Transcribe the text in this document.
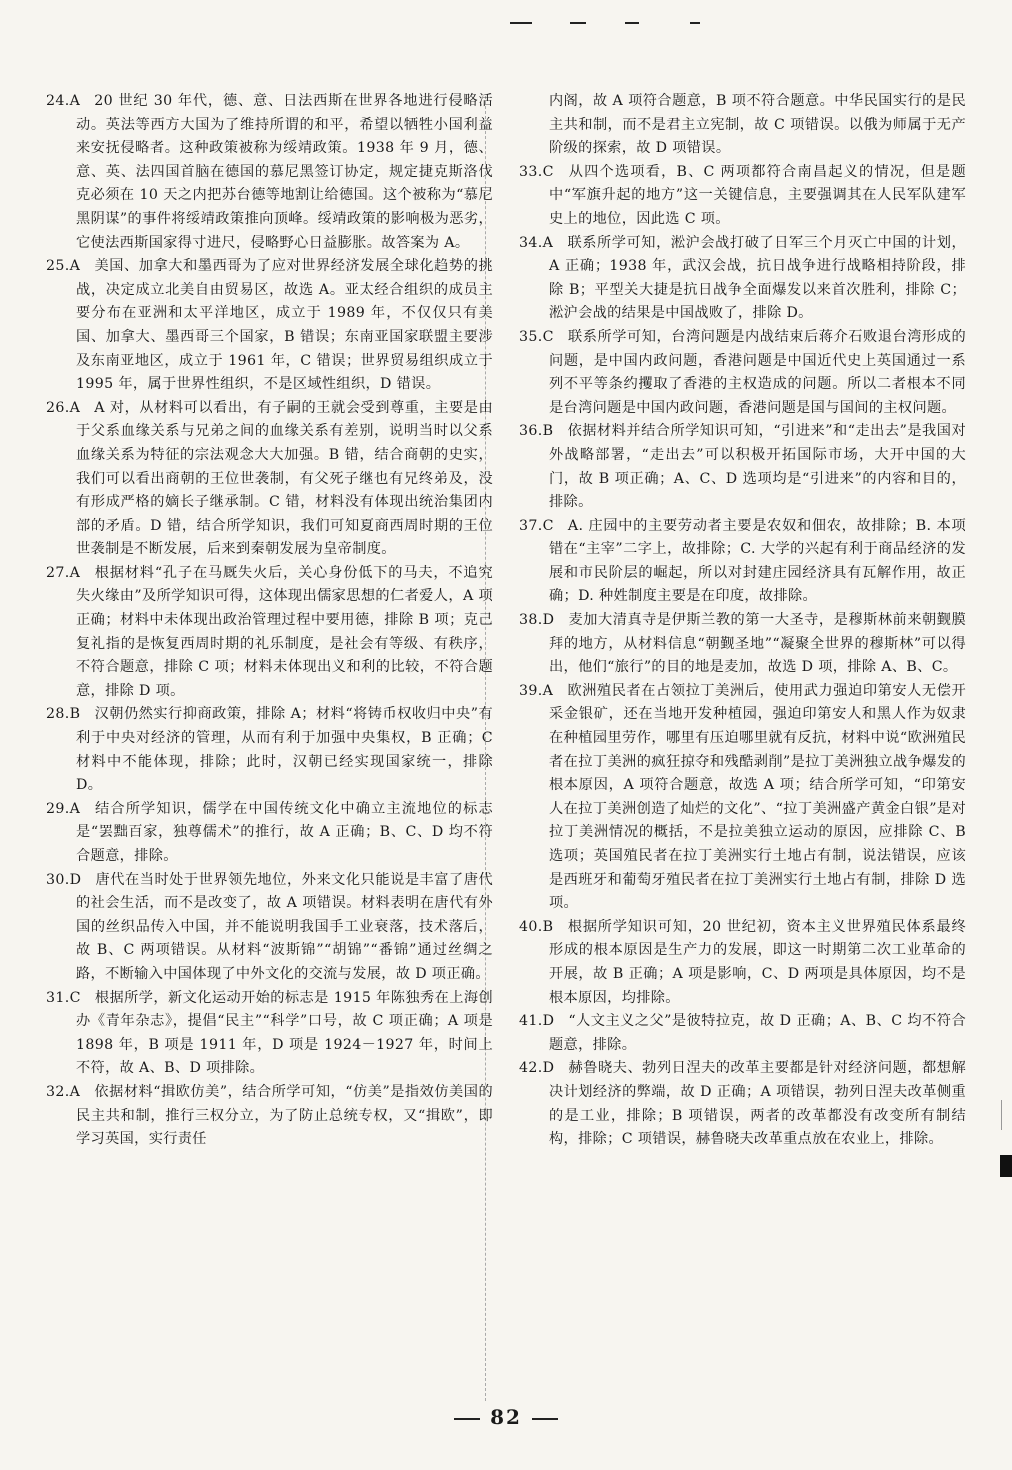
24.A 20 世纪 30 年代，德、意、日法西斯在世界各地进行侵略活动。英法等西方大国为了维持所谓的和平，希望以牺牲小国利益来安抚侵略者。这种政策被称为绥靖政策。1938 年 9 月，德、意、英、法四国首脑在德国的慕尼黑签订协定，规定捷克斯洛伐克必须在 10 天之内把苏台德等地割让给德国。这个被称为“慕尼黑阴谋”的事件将绥靖政策推向顶峰。绥靖政策的影响极为恶劣，它使法西斯国家得寸进尺，侵略野心日益膨胀。故答案为 A。

25.A 美国、加拿大和墨西哥为了应对世界经济发展全球化趋势的挑战，决定成立北美自由贸易区，故选 A。亚太经合组织的成员主要分布在亚洲和太平洋地区，成立于 1989 年，不仅仅只有美国、加拿大、墨西哥三个国家，B 错误；东南亚国家联盟主要涉及东南亚地区，成立于 1961 年，C 错误；世界贸易组织成立于 1995 年，属于世界性组织，不是区域性组织，D 错误。

26.A A 对，从材料可以看出，有子嗣的王就会受到尊重，主要是由于父系血缘关系与兄弟之间的血缘关系有差别，说明当时以父系血缘关系为特征的宗法观念大大加强。B 错，结合商朝的史实，我们可以看出商朝的王位世袭制，有父死子继也有兄终弟及，没有形成严格的嫡长子继承制。C 错，材料没有体现出统治集团内部的矛盾。D 错，结合所学知识，我们可知夏商西周时期的王位世袭制是不断发展，后来到秦朝发展为皇帝制度。

27.A 根据材料“孔子在马厩失火后，关心身份低下的马夫，不追究失火缘由”及所学知识可得，这体现出儒家思想的仁者爱人，A 项正确；材料中未体现出政治管理过程中要用德，排除 B 项；克己复礼指的是恢复西周时期的礼乐制度，是社会有等级、有秩序，不符合题意，排除 C 项；材料未体现出义和利的比较，不符合题意，排除 D 项。

28.B 汉朝仍然实行抑商政策，排除 A；材料“将铸币权收归中央”有利于中央对经济的管理，从而有利于加强中央集权，B 正确；C 材料中不能体现，排除；此时，汉朝已经实现国家统一，排除 D。

29.A 结合所学知识，儒学在中国传统文化中确立主流地位的标志是“罢黜百家，独尊儒术”的推行，故 A 正确；B、C、D 均不符合题意，排除。

30.D 唐代在当时处于世界领先地位，外来文化只能说是丰富了唐代的社会生活，而不是改变了，故 A 项错误。材料表明在唐代有外国的丝织品传入中国，并不能说明我国手工业衰落，技术落后，故 B、C 两项错误。从材料“波斯锦”“胡锦”“番锦”通过丝绸之路，不断输入中国体现了中外文化的交流与发展，故 D 项正确。

31.C 根据所学，新文化运动开始的标志是 1915 年陈独秀在上海创办《青年杂志》，提倡“民主”“科学”口号，故 C 项正确；A 项是 1898 年，B 项是 1911 年，D 项是 1924－1927 年，时间上不符，故 A、B、D 项排除。

32.A 依据材料“揖欧仿美”，结合所学可知，“仿美”是指效仿美国的民主共和制，推行三权分立，为了防止总统专权，又“揖欧”，即学习英国，实行责任

内阁，故 A 项符合题意，B 项不符合题意。中华民国实行的是民主共和制，而不是君主立宪制，故 C 项错误。以俄为师属于无产阶级的探索，故 D 项错误。

33.C 从四个选项看，B、C 两项都符合南昌起义的情况，但是题中“军旗升起的地方”这一关键信息，主要强调其在人民军队建军史上的地位，因此选 C 项。

34.A 联系所学可知，淞沪会战打破了日军三个月灭亡中国的计划，A 正确；1938 年，武汉会战，抗日战争进行战略相持阶段，排除 B；平型关大捷是抗日战争全面爆发以来首次胜利，排除 C；淞沪会战的结果是中国战败了，排除 D。

35.C 联系所学可知，台湾问题是内战结束后蒋介石败退台湾形成的问题，是中国内政问题，香港问题是中国近代史上英国通过一系列不平等条约攫取了香港的主权造成的问题。所以二者根本不同是台湾问题是中国内政问题，香港问题是国与国间的主权问题。

36.B 依据材料并结合所学知识可知，“引进来”和“走出去”是我国对外战略部署，“走出去”可以积极开拓国际市场，大开中国的大门，故 B 项正确；A、C、D 选项均是“引进来”的内容和目的，排除。

37.C A. 庄园中的主要劳动者主要是农奴和佃农，故排除；B. 本项错在“主宰”二字上，故排除；C. 大学的兴起有利于商品经济的发展和市民阶层的崛起，所以对封建庄园经济具有瓦解作用，故正确；D. 种姓制度主要是在印度，故排除。

38.D 麦加大清真寺是伊斯兰教的第一大圣寺，是穆斯林前来朝觐膜拜的地方，从材料信息“朝觐圣地”“凝聚全世界的穆斯林”可以得出，他们“旅行”的目的地是麦加，故选 D 项，排除 A、B、C。

39.A 欧洲殖民者在占领拉丁美洲后，使用武力强迫印第安人无偿开采金银矿，还在当地开发种植园，强迫印第安人和黑人作为奴隶在种植园里劳作，哪里有压迫哪里就有反抗，材料中说“欧洲殖民者在拉丁美洲的疯狂掠夺和残酷剥削”是拉丁美洲独立战争爆发的根本原因，A 项符合题意，故选 A 项；结合所学可知，“印第安人在拉丁美洲创造了灿烂的文化”、“拉丁美洲盛产黄金白银”是对拉丁美洲情况的概括，不是拉美独立运动的原因，应排除 C、B 选项；英国殖民者在拉丁美洲实行土地占有制，说法错误，应该是西班牙和葡萄牙殖民者在拉丁美洲实行土地占有制，排除 D 选项。

40.B 根据所学知识可知，20 世纪初，资本主义世界殖民体系最终形成的根本原因是生产力的发展，即这一时期第二次工业革命的开展，故 B 正确；A 项是影响，C、D 两项是具体原因，均不是根本原因，均排除。

41.D “人文主义之父”是彼特拉克，故 D 正确；A、B、C 均不符合题意，排除。

42.D 赫鲁晓夫、勃列日涅夫的改革主要都是针对经济问题，都想解决计划经济的弊端，故 D 正确；A 项错误，勃列日涅夫改革侧重的是工业，排除；B 项错误，两者的改革都没有改变所有制结构，排除；C 项错误，赫鲁晓夫改革重点放在农业上，排除。

82
